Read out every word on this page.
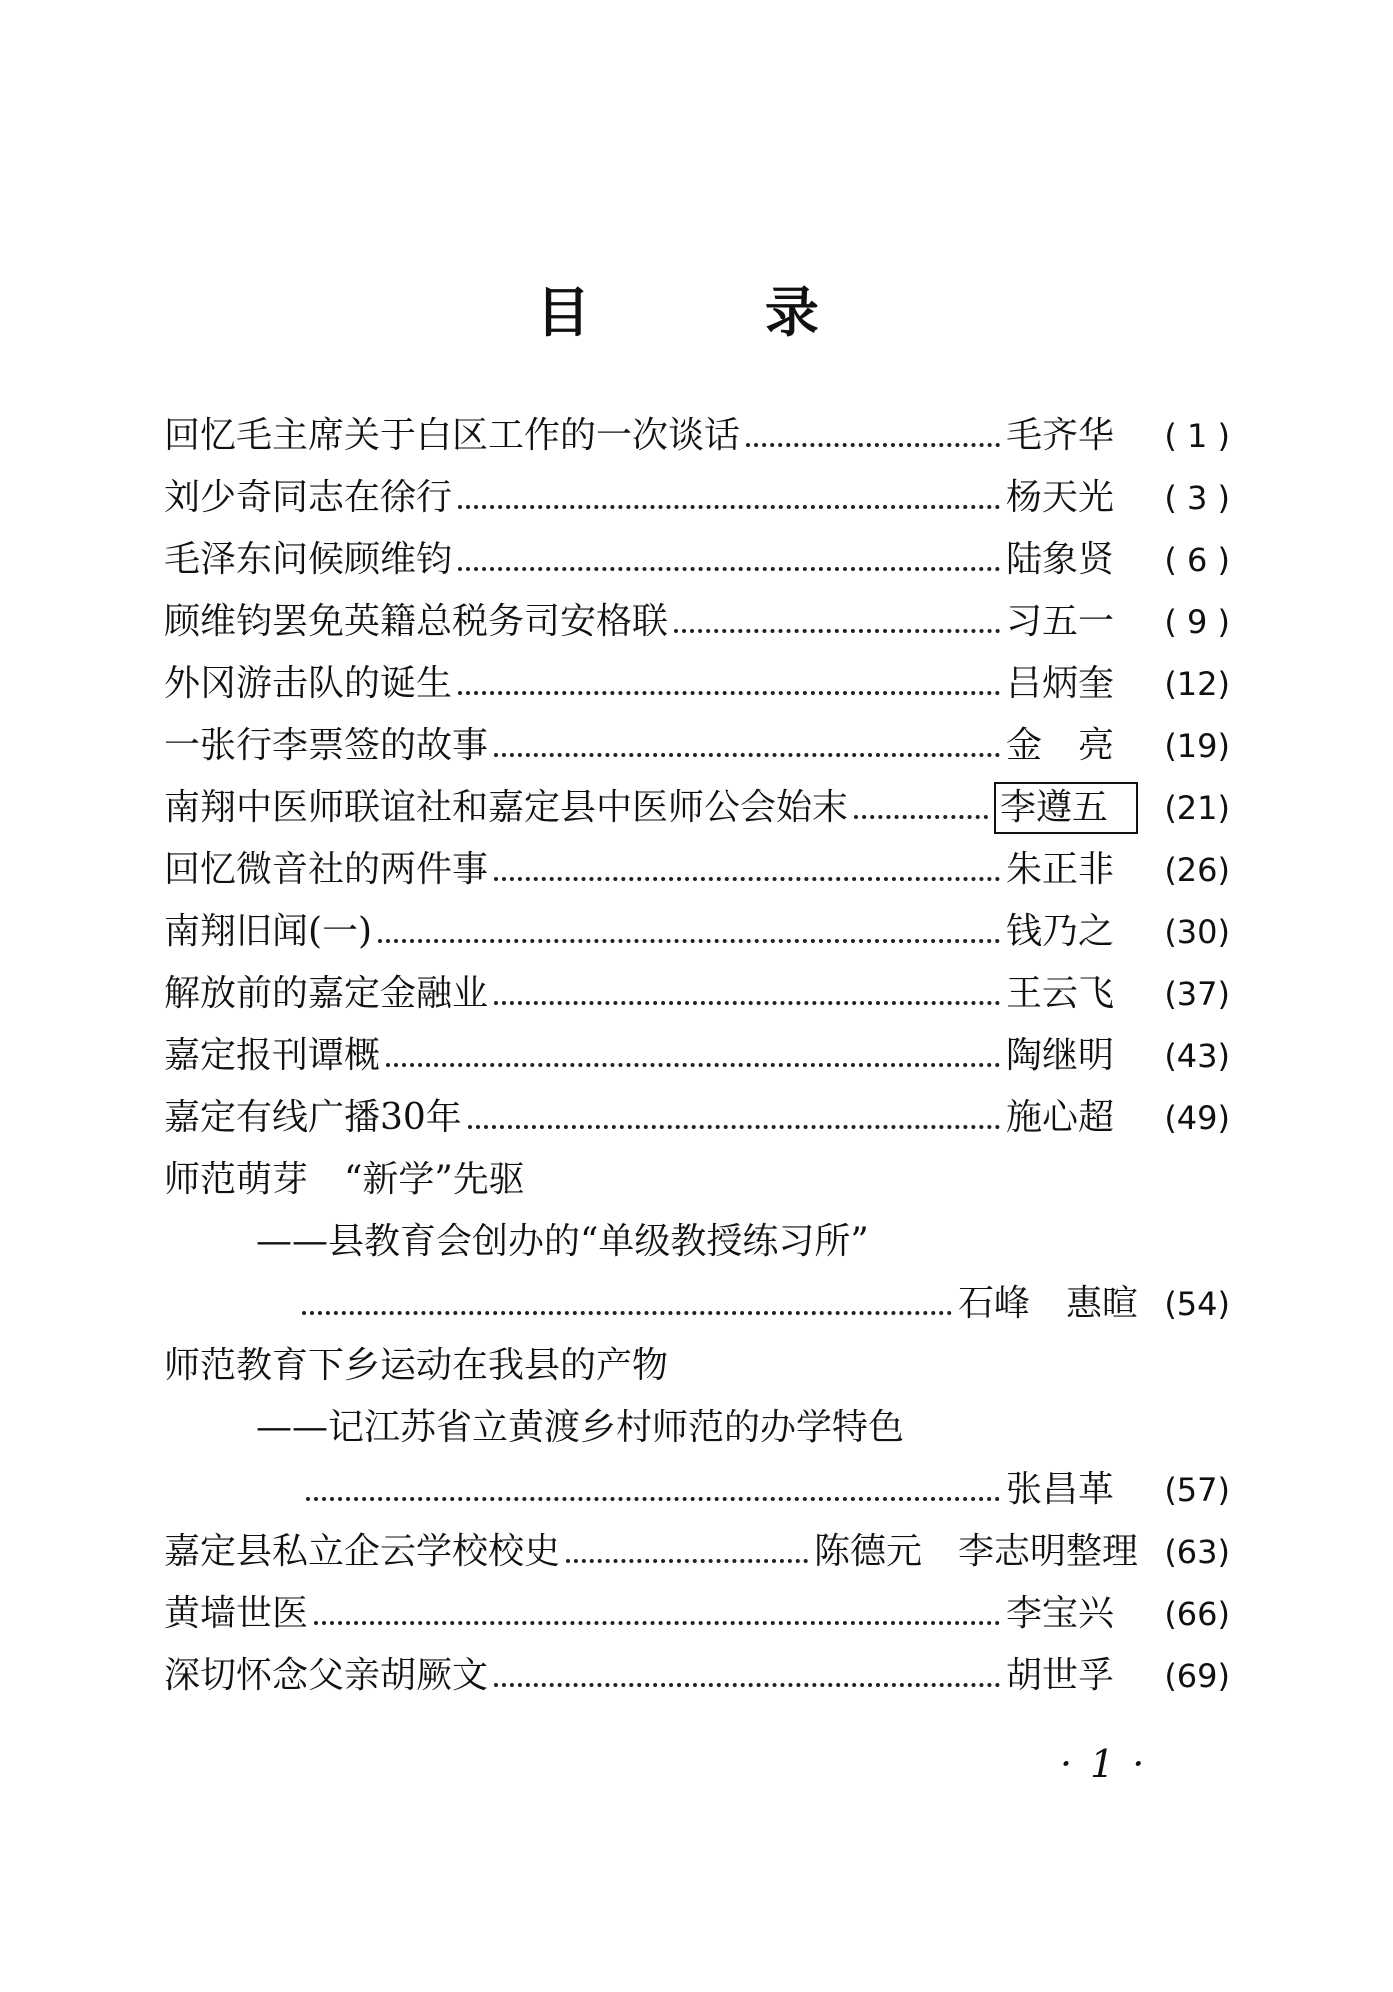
目 录
回忆毛主席关于白区工作的一次谈话	毛齐华	( 1 )
刘少奇同志在徐行	杨天光	( 3 )
毛泽东问候顾维钧	陆象贤	( 6 )
顾维钧罢免英籍总税务司安格联	习五一	( 9 )
外冈游击队的诞生	吕炳奎	(12)
一张行李票签的故事	金　亮	(19)
南翔中医师联谊社和嘉定县中医师公会始末	李遵五	(21)
回忆微音社的两件事	朱正非	(26)
南翔旧闻(一)	钱乃之	(30)
解放前的嘉定金融业	王云飞	(37)
嘉定报刊谭概	陶继明	(43)
嘉定有线广播30年	施心超	(49)
师范萌芽　“新学”先驱
——县教育会创办的“单级教授练习所”
石峰　惠暄 (54)
师范教育下乡运动在我县的产物
——记江苏省立黄渡乡村师范的办学特色
张昌革	(57)
嘉定县私立企云学校校史	陈德元　李志明整理 (63)
黄墙世医	李宝兴	(66)
深切怀念父亲胡厥文	胡世孚	(69)
·1·
